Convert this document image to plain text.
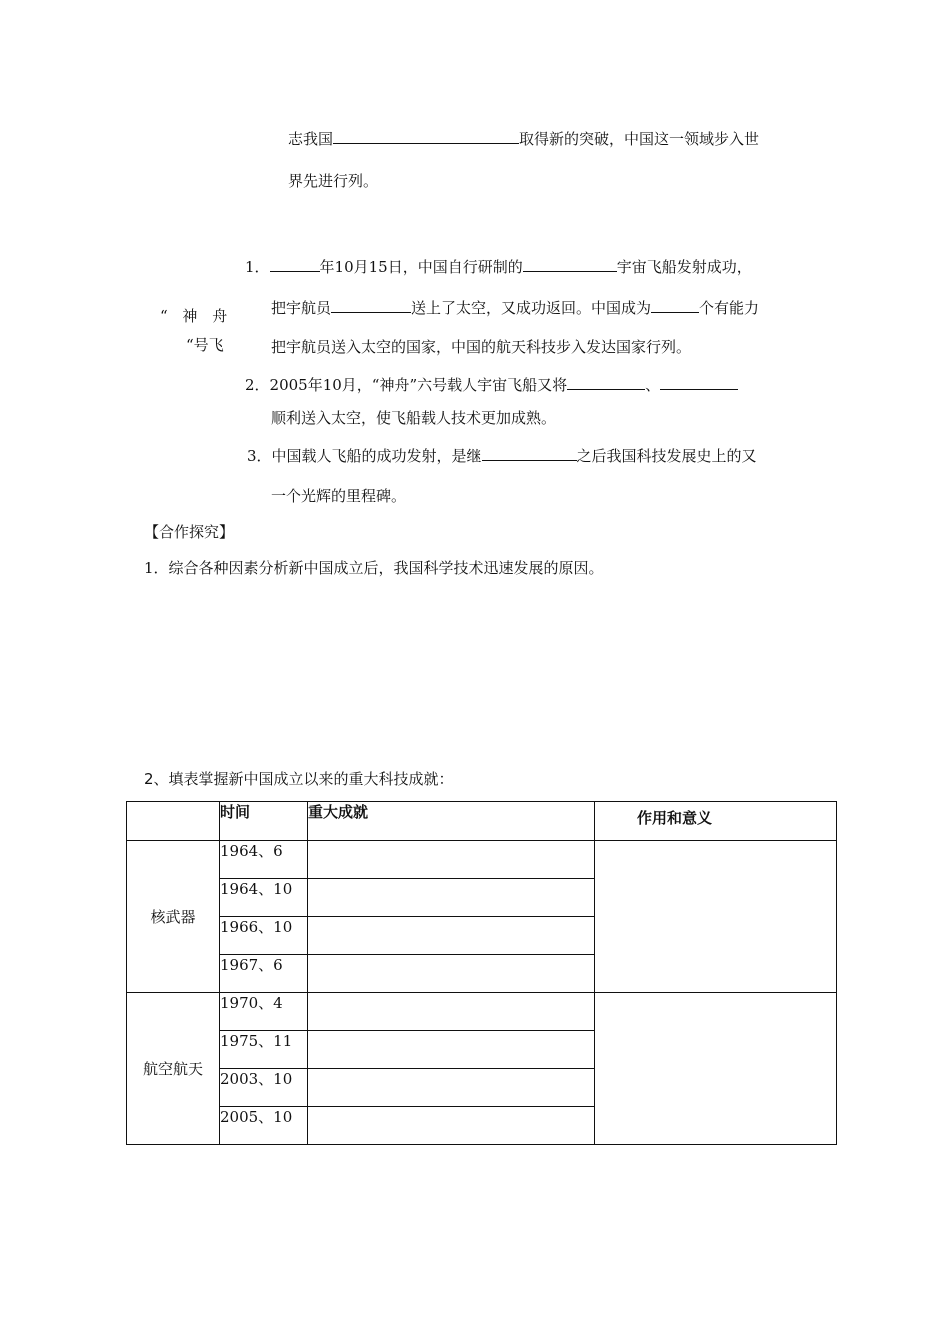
志我国	取得新的突破，中国这一领域步入世
界先进行列。
“ 神 舟
“号飞
1．	年10月15日，中国自行研制的	宇宙飞船发射成功，
把宇航员	送上了太空，又成功返回。中国成为	个有能力
把宇航员送入太空的国家，中国的航天科技步入发达国家行列。
2．2005年10月，“神舟”六号载人宇宙飞船又将	、
顺利送入太空，使飞船载人技术更加成熟。
3．中国载人飞船的成功发射，是继	之后我国科技发展史上的又
一个光辉的里程碑。
【合作探究】
1．综合各种因素分析新中国成立后，我国科学技术迅速发展的原因。
2、填表掌握新中国成立以来的重大科技成就：
	时间	重大成就	作用和意义
核武器	1964、6		
	1964、10		
	1966、10		
	1967、6		
航空航天	1970、4		
	1975、11		
	2003、10		
	2005、10		
